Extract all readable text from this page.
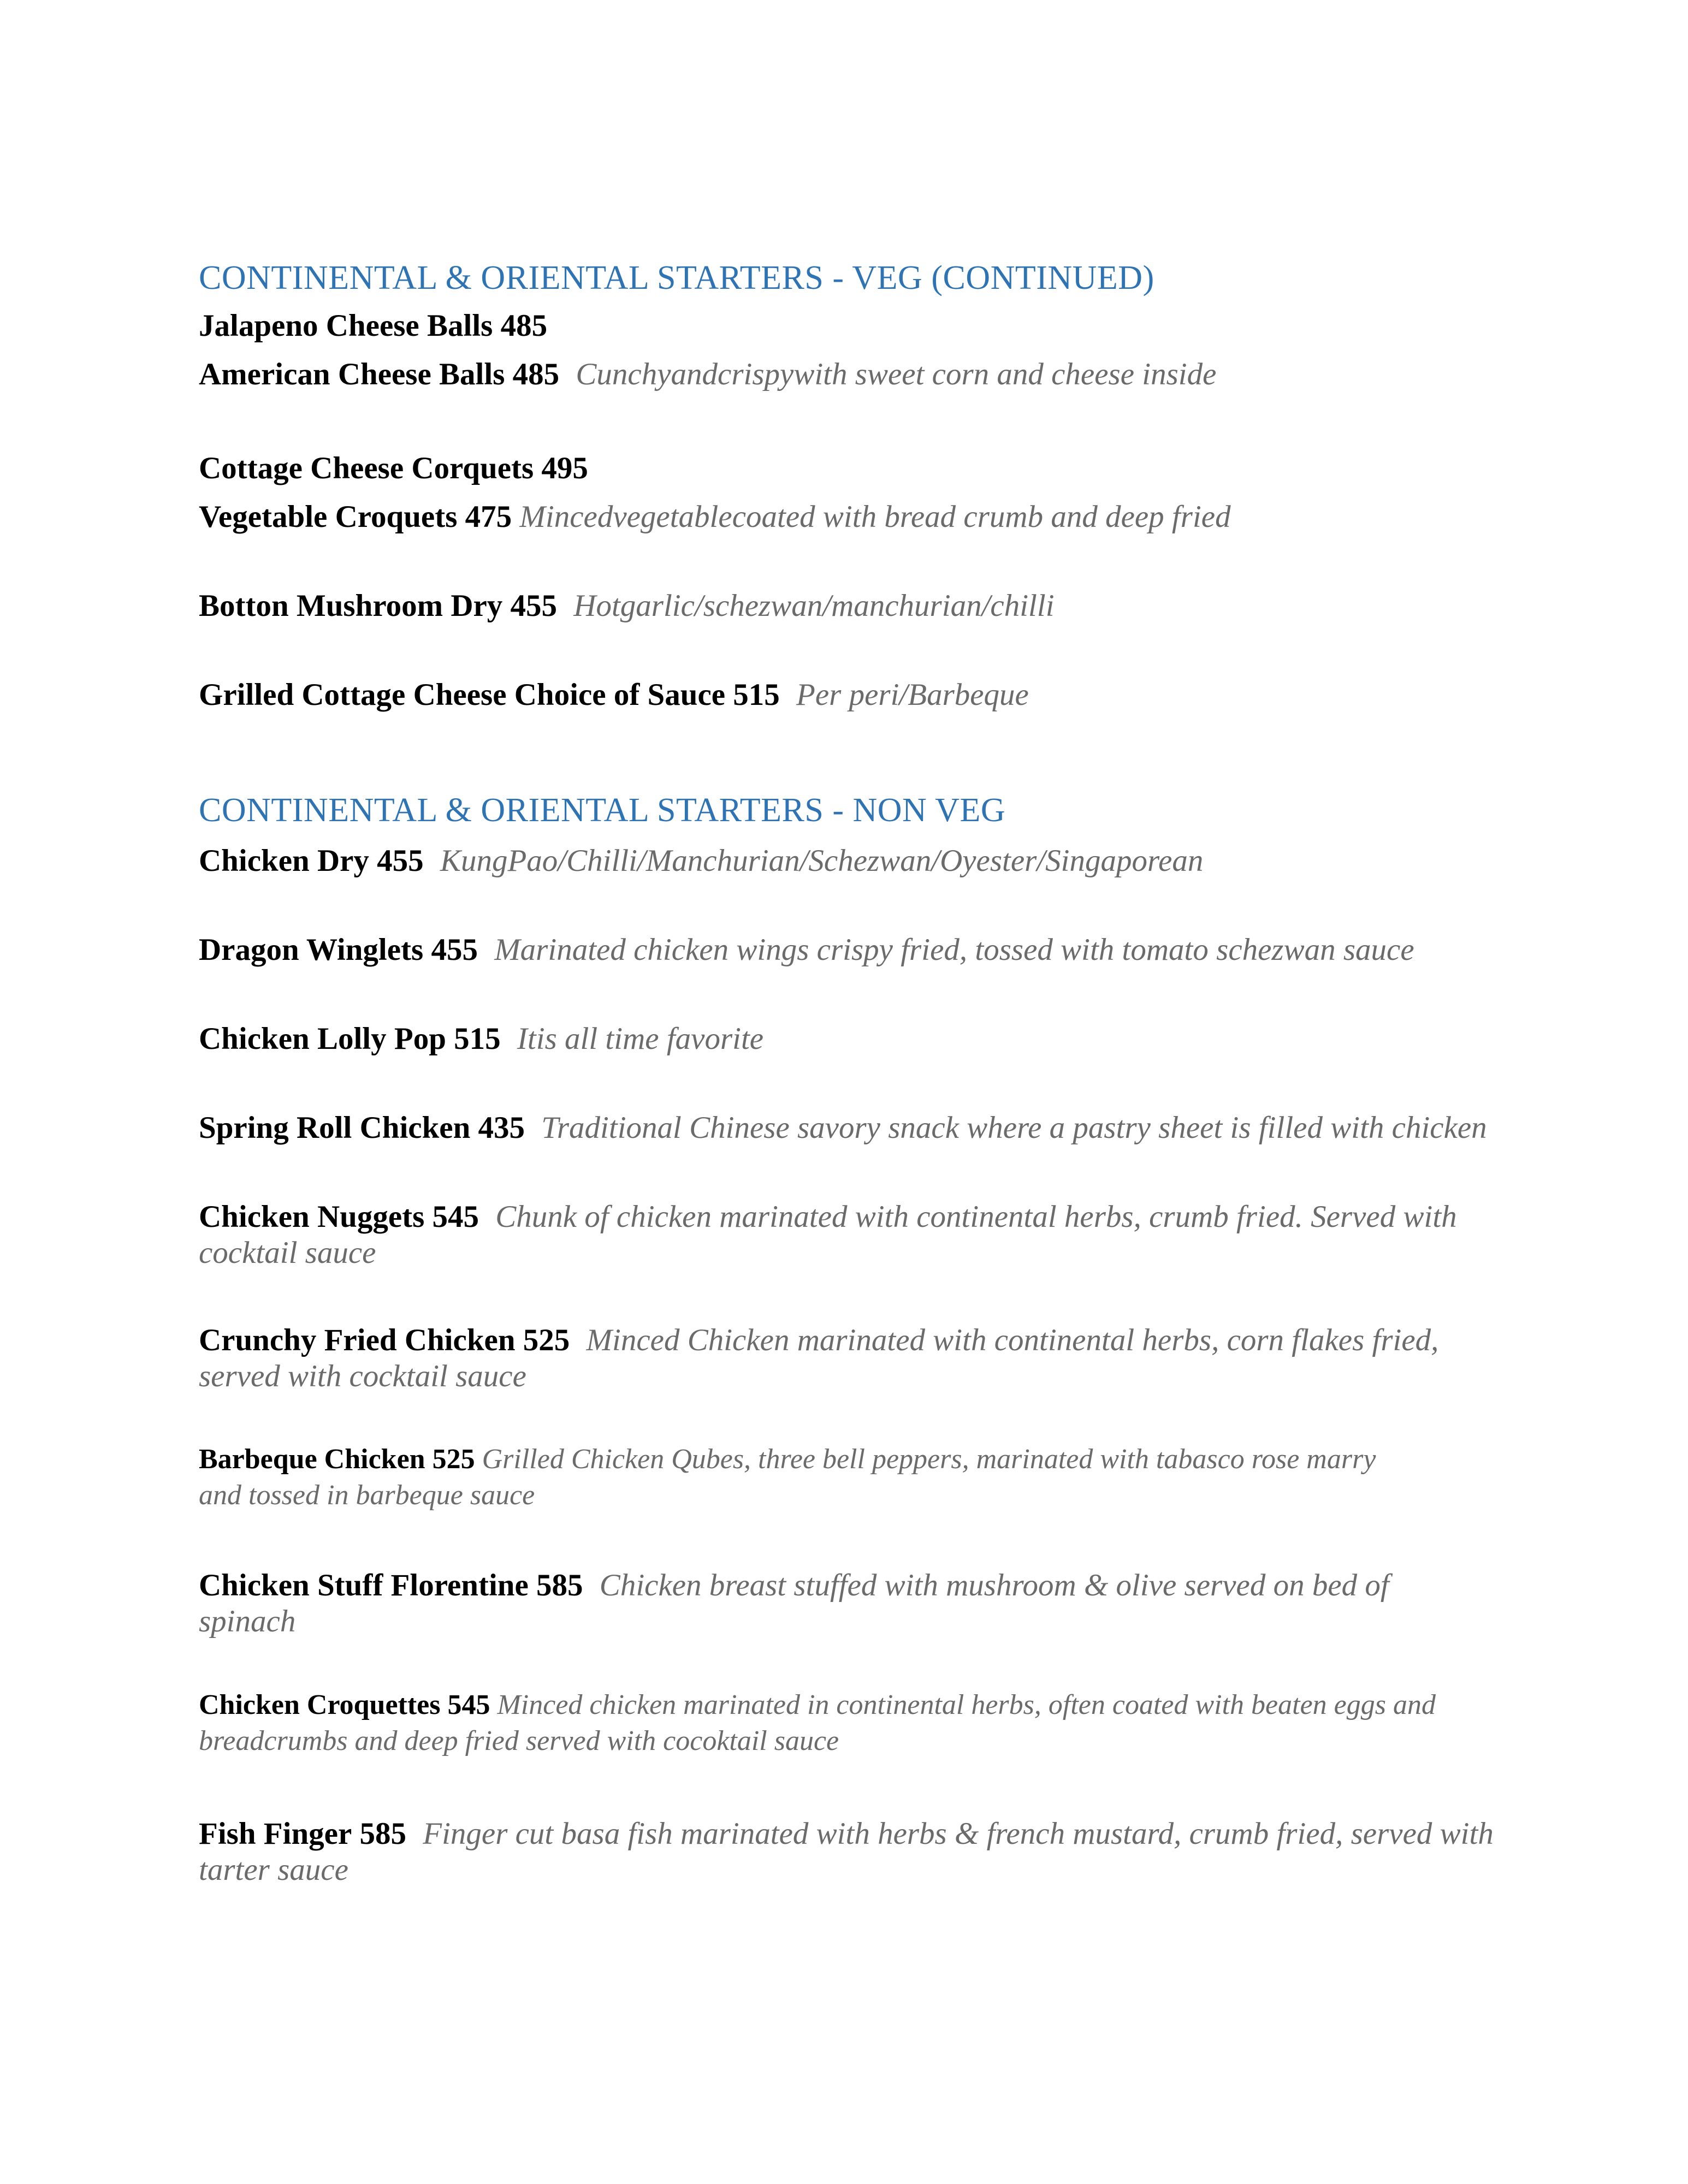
CONTINENTAL & ORIENTAL STARTERS - VEG (CONTINUED)

Jalapeno Cheese Balls 485

American Cheese Balls 485 Cunchyandcrispywith sweet corn and cheese inside

Cottage Cheese Corquets 495

Vegetable Croquets 475 Mincedvegetablecoated with bread crumb and deep fried

Botton Mushroom Dry 455 Hotgarlic/schezwan/manchurian/chilli

Grilled Cottage Cheese Choice of Sauce 515 Per peri/Barbeque

CONTINENTAL & ORIENTAL STARTERS - NON VEG

Chicken Dry 455 KungPao/Chilli/Manchurian/Schezwan/Oyester/Singaporean

Dragon Winglets 455 Marinated chicken wings crispy fried, tossed with tomato schezwan sauce

Chicken Lolly Pop 515 Itis all time favorite

Spring Roll Chicken 435 Traditional Chinese savory snack where a pastry sheet is filled with chicken

Chicken Nuggets 545 Chunk of chicken marinated with continental herbs, crumb fried. Served with cocktail sauce

Crunchy Fried Chicken 525 Minced Chicken marinated with continental herbs, corn flakes fried, served with cocktail sauce

Barbeque Chicken 525 Grilled Chicken Qubes, three bell peppers, marinated with tabasco rose marry and tossed in barbeque sauce

Chicken Stuff Florentine 585 Chicken breast stuffed with mushroom & olive served on bed of spinach

Chicken Croquettes 545 Minced chicken marinated in continental herbs, often coated with beaten eggs and breadcrumbs and deep fried served with cocoktail sauce

Fish Finger 585 Finger cut basa fish marinated with herbs & french mustard, crumb fried, served with tarter sauce
